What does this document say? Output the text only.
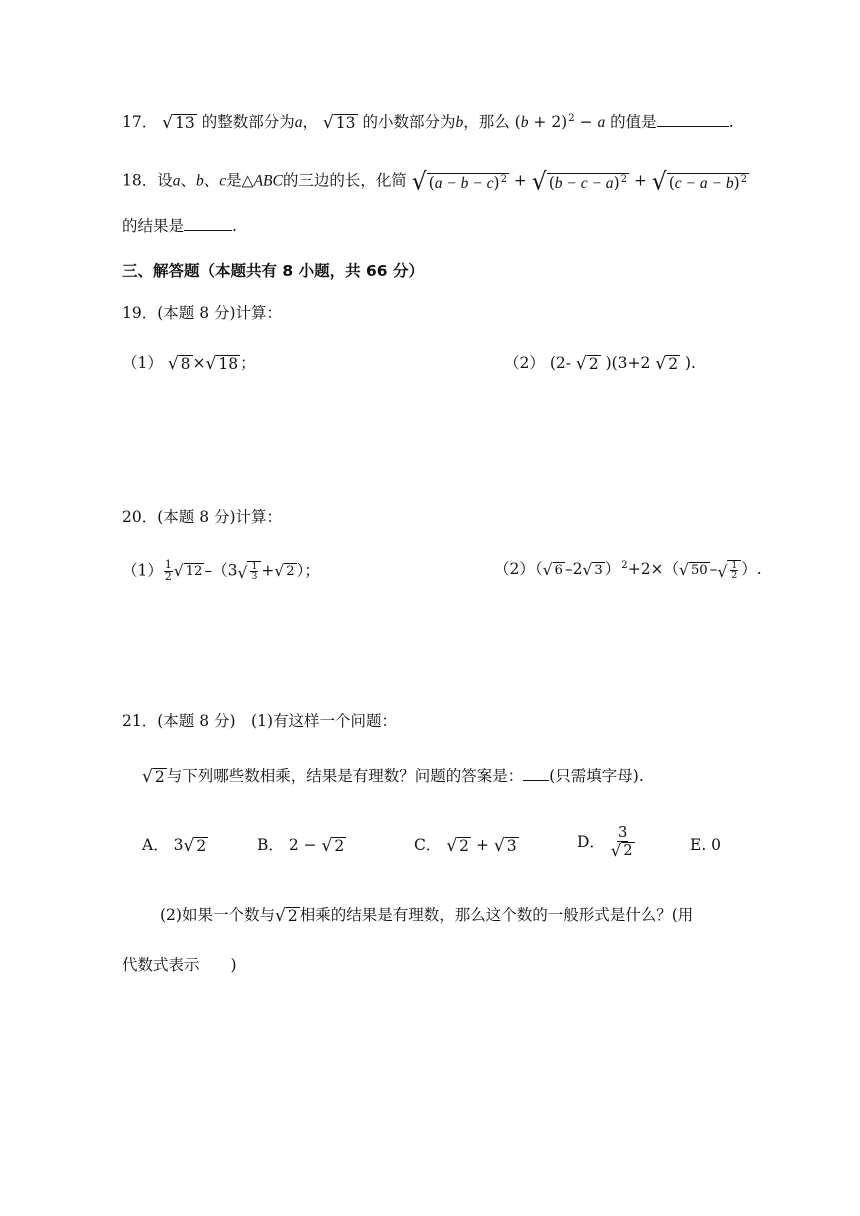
17． √ 13 的整数部分为a， √ 13 的小数部分为b，那么 $(b + 2)^2 - a$ 的值是	.
18．设a、b、c是△ABC的三边的长，化简 √ $(a - b - c)^2$ + √ $(b - c - a)^2$ + √ $(c - a - b)^2$
的结果是	.
三、解答题（本题共有 8 小题，共 66 分）
19．(本题 8 分)计算：
（1） √ 8 × √ 18 ；	（2） (2- √ 2 )(3+2 √ 2 ).
20．(本题 8 分)计算：
$(1) \frac{1}{2}$ √ 12 –（3 √ $\frac{1}{3}$ + √ 2 ）；	（2）（ √ 6 –2 √ 3 ）$^2$+2×（ √ 50 – √ $\frac{1}{2}$ ）.
21．(本题 8 分)　(1)有这样一个问题：
√ 2 与下列哪些数相乘，结果是有理数？问题的答案是： (只需填字母).
A． 3 √ 2	B． 2 − √ 2	C． √ 2 + √ 3	D． $\frac{3}{√ 2}$	E. 0
(2)如果一个数与 √ 2 相乘的结果是有理数，那么这个数的一般形式是什么？(用
代数式表示　　)
